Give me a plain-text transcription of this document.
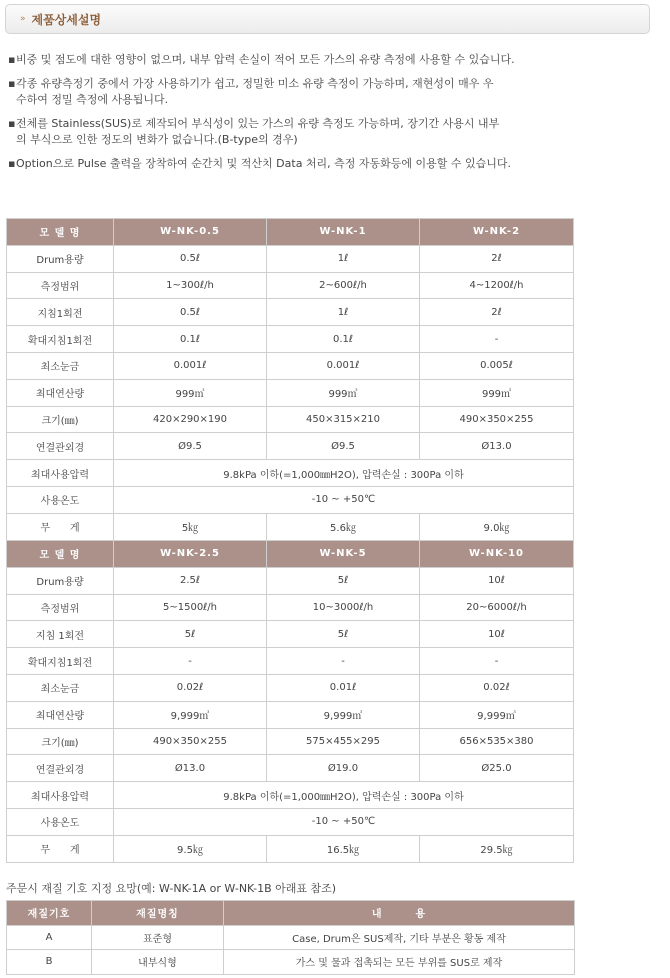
» 제품상세설명
▪ 비중 및 점도에 대한 영향이 없으며, 내부 압력 손실이 적어 모든 가스의 유량 측정에 사용할 수 있습니다.
▪ 각종 유량측정기 중에서 가장 사용하기가 쉽고, 정밀한 미소 유량 측정이 가능하며, 재현성이 매우 우
수하여 정밀 측정에 사용됩니다.
▪ 전체를 Stainless(SUS)로 제작되어 부식성이 있는 가스의 유량 측정도 가능하며, 장기간 사용시 내부
의 부식으로 인한 정도의 변화가 없습니다.(B-type의 경우)
▪ Option으로 Pulse 출력을 장착하여 순간치 및 적산치 Data 처리, 측정 자동화등에 이용할 수 있습니다.
모 델 명	W-NK-0.5	W-NK-1	W-NK-2
Drum용량	0.5ℓ	1ℓ	2ℓ
측정범위	1~300ℓ/h	2~600ℓ/h	4~1200ℓ/h
지침1회전	0.5ℓ	1ℓ	2ℓ
확대지침1회전	0.1ℓ	0.1ℓ	-
최소눈금	0.001ℓ	0.001ℓ	0.005ℓ
최대연산량	999㎥	999㎥	999㎥
크기(㎜)	420×290×190	450×315×210	490×350×255
연결관외경	Ø9.5	Ø9.5	Ø13.0
최대사용압력	9.8kPa 이하(=1,000㎜H2O), 압력손실 : 300Pa 이하		
사용온도	-10 ~ +50℃		
무　　게	5㎏	5.6㎏	9.0㎏
모 델 명	W-NK-2.5	W-NK-5	W-NK-10
Drum용량	2.5ℓ	5ℓ	10ℓ
측정범위	5~1500ℓ/h	10~3000ℓ/h	20~6000ℓ/h
지침 1회전	5ℓ	5ℓ	10ℓ
확대지침1회전	-	-	-
최소눈금	0.02ℓ	0.01ℓ	0.02ℓ
최대연산량	9,999㎥	9,999㎥	9,999㎥
크기(㎜)	490×350×255	575×455×295	656×535×380
연결관외경	Ø13.0	Ø19.0	Ø25.0
최대사용압력	9.8kPa 이하(=1,000㎜H2O), 압력손실 : 300Pa 이하		
사용온도	-10 ~ +50℃		
무　　게	9.5㎏	16.5㎏	29.5㎏
주문시 재질 기호 지정 요망(예: W-NK-1A or W-NK-1B 아래표 참조)
재질기호	재질명칭	내　　　용
A	표준형	Case, Drum은 SUS제작, 기타 부분은 황동 제작
B	내부식형	가스 및 물과 접촉되는 모든 부위를 SUS로 제작
